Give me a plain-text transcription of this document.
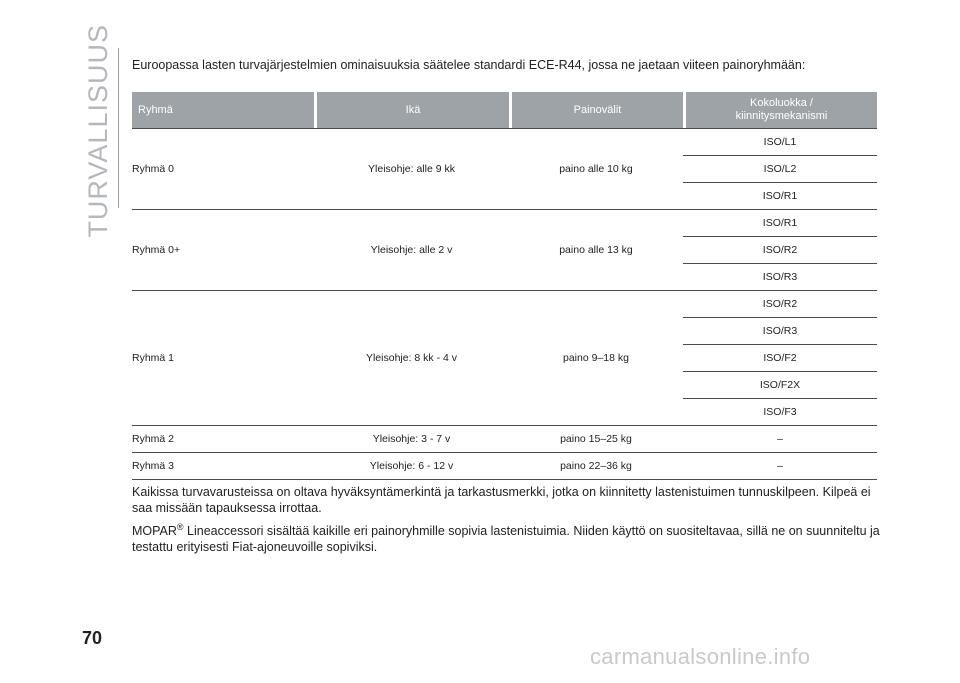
TURVALLISUUS Euroopassa lasten turvajärjestelmien ominaisuuksia säätelee standardi ECE-R44, jossa ne jaetaan viiteen painoryhmään:

Ryhmä	Ikä	Painovälit	Kokoluokka /
kiinnitysmekanismi
Ryhmä 0	Yleisohje: alle 9 kk	paino alle 10 kg	ISO/L1
			ISO/L2
			ISO/R1
Ryhmä 0+	Yleisohje: alle 2 v	paino alle 13 kg	ISO/R1
			ISO/R2
			ISO/R3
Ryhmä 1	Yleisohje: 8 kk - 4 v	paino 9–18 kg	ISO/R2
			ISO/R3
			ISO/F2
			ISO/F2X
			ISO/F3
Ryhmä 2	Yleisohje: 3 - 7 v	paino 15–25 kg	–
Ryhmä 3	Yleisohje: 6 - 12 v	paino 22–36 kg	–

Kaikissa turvavarusteissa on oltava hyväksyntämerkintä ja tarkastusmerkki, jotka on kiinnitetty lastenistuimen tunnuskilpeen. Kilpeä ei saa missään tapauksessa irrottaa.

MOPAR® Lineaccessori sisältää kaikille eri painoryhmille sopivia lastenistuimia. Niiden käyttö on suositeltavaa, sillä ne on suunniteltu ja testattu erityisesti Fiat-ajoneuvoille sopiviksi.

70
carmanualsonline.info
